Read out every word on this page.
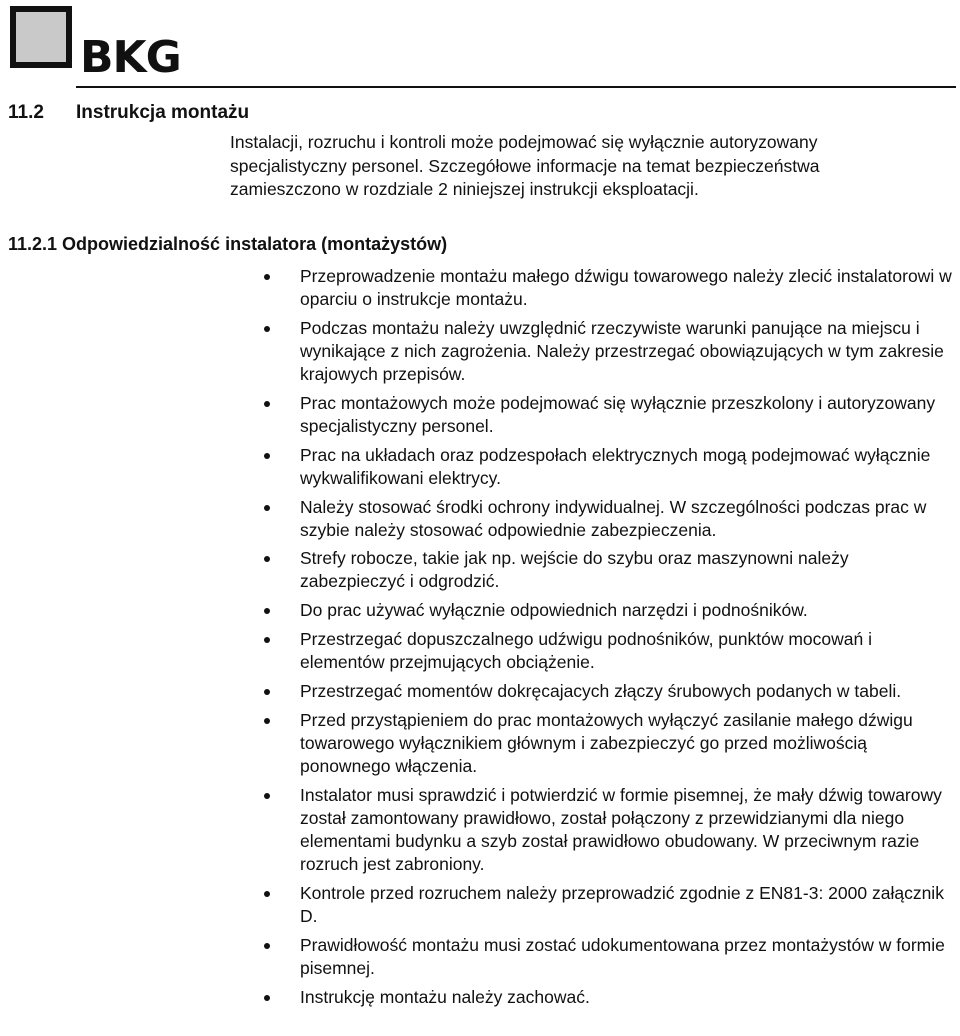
BKG
11.2 Instrukcja montażu

Instalacji, rozruchu i kontroli może podejmować się wyłącznie autoryzowany specjalistyczny personel. Szczegółowe informacje na temat bezpieczeństwa zamieszczono w rozdziale 2 niniejszej instrukcji eksploatacji.

11.2.1 Odpowiedzialność instalatora (montażystów)
Przeprowadzenie montażu małego dźwigu towarowego należy zlecić instalatorowi w oparciu o instrukcje montażu.
Podczas montażu należy uwzględnić rzeczywiste warunki panujące na miejscu i wynikające z nich zagrożenia. Należy przestrzegać obowiązujących w tym zakresie krajowych przepisów.
Prac montażowych może podejmować się wyłącznie przeszkolony i autoryzowany specjalistyczny personel.
Prac na układach oraz podzespołach elektrycznych mogą podejmować wyłącznie wykwalifikowani elektrycy.
Należy stosować środki ochrony indywidualnej. W szczególności podczas prac w szybie należy stosować odpowiednie zabezpieczenia.
Strefy robocze, takie jak np. wejście do szybu oraz maszynowni należy zabezpieczyć i odgrodzić.
Do prac używać wyłącznie odpowiednich narzędzi i podnośników.
Przestrzegać dopuszczalnego udźwigu podnośników, punktów mocowań i elementów przejmujących obciążenie.
Przestrzegać momentów dokręcajacych złączy śrubowych podanych w tabeli.
Przed przystąpieniem do prac montażowych wyłączyć zasilanie małego dźwigu towarowego wyłącznikiem głównym i zabezpieczyć go przed możliwością ponownego włączenia.
Instalator musi sprawdzić i potwierdzić w formie pisemnej, że mały dźwig towarowy został zamontowany prawidłowo, został połączony z przewidzianymi dla niego elementami budynku a szyb został prawidłowo obudowany. W przeciwnym razie rozruch jest zabroniony.
Kontrole przed rozruchem należy przeprowadzić zgodnie z EN81-3: 2000 załącznik D.
Prawidłowość montażu musi zostać udokumentowana przez montażystów w formie pisemnej.
Instrukcję montażu należy zachować.
